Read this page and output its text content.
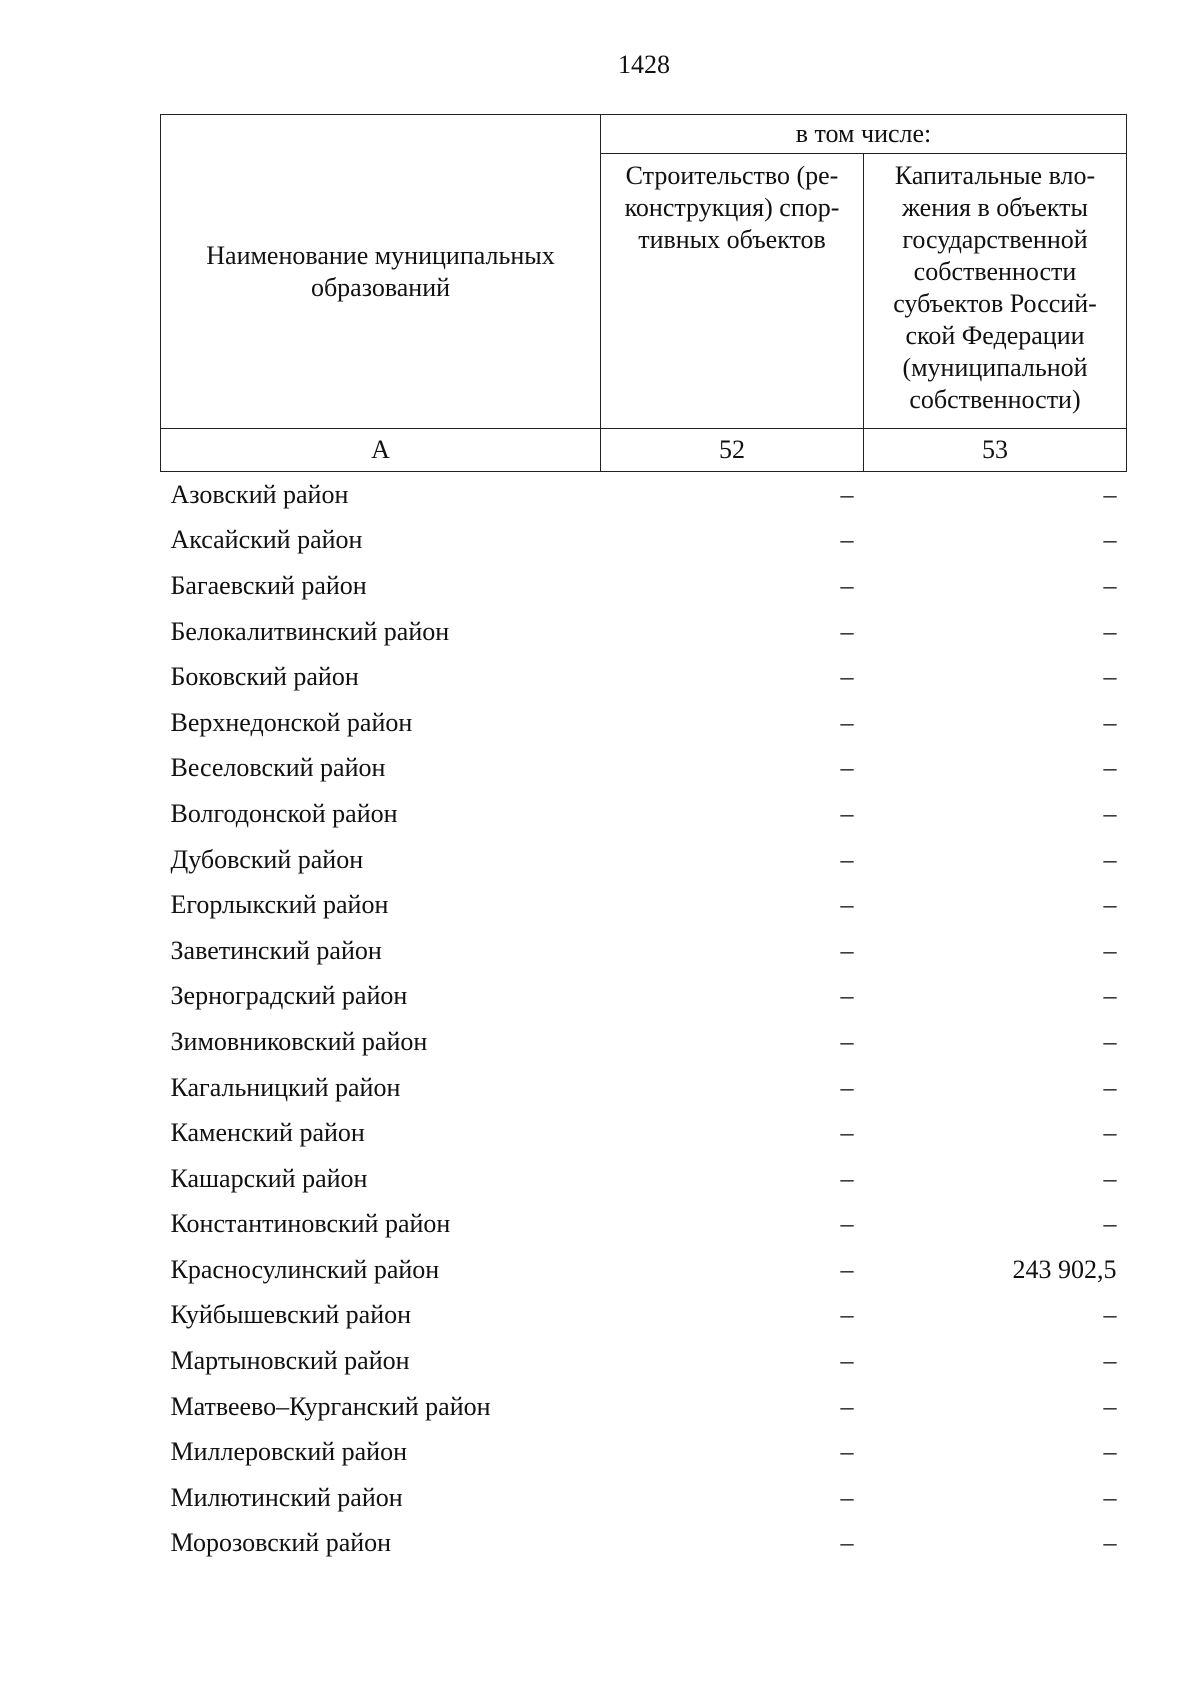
1428
Наименование муниципальных образований	в том числе:	
	Строительство (ре-конструкция) спор-тивных объектов	Капитальные вло-жения в объекты государственной собственности субъектов Россий-ской Федерации (муниципальной собственности)
А	52	53
Азовский район	–	–
Аксайский район	–	–
Багаевский район	–	–
Белокалитвинский район	–	–
Боковский район	–	–
Верхнедонской район	–	–
Веселовский район	–	–
Волгодонской район	–	–
Дубовский район	–	–
Егорлыкский район	–	–
Заветинский район	–	–
Зерноградский район	–	–
Зимовниковский район	–	–
Кагальницкий район	–	–
Каменский район	–	–
Кашарский район	–	–
Константиновский район	–	–
Красносулинский район	–	243 902,5
Куйбышевский район	–	–
Мартыновский район	–	–
Матвеево–Курганский район	–	–
Миллеровский район	–	–
Милютинский район	–	–
Морозовский район	–	–
